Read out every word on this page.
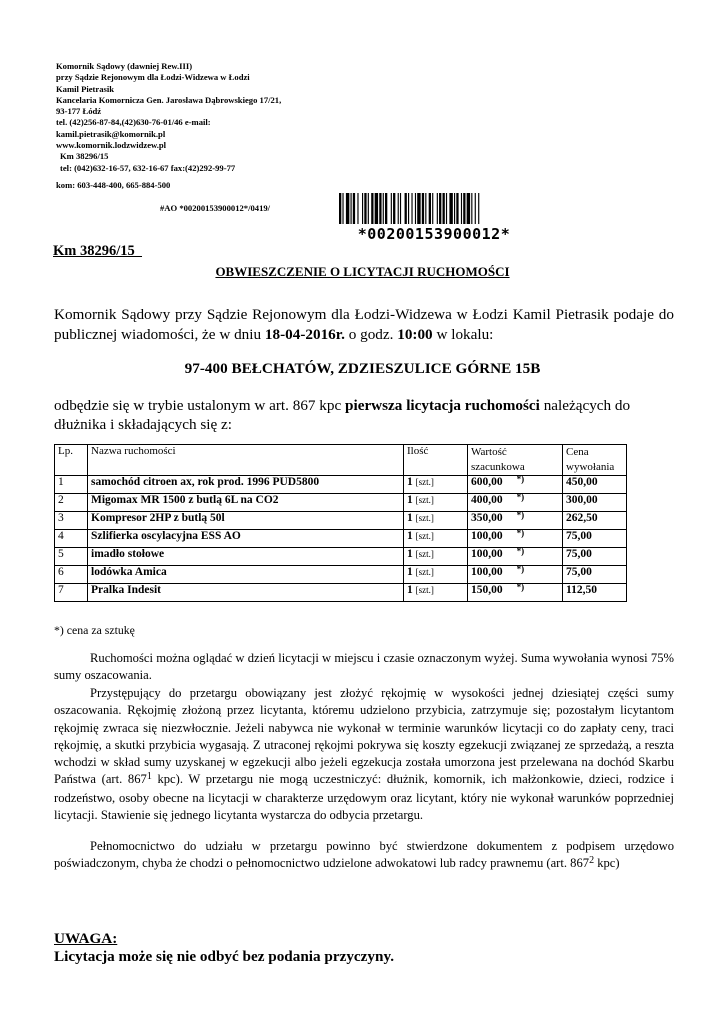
Komornik Sądowy (dawniej Rew.III)
przy Sądzie Rejonowym dla Łodzi-Widzewa w Łodzi
Kamil Pietrasik
Kancelaria Komornicza Gen. Jarosława Dąbrowskiego 17/21,
93-177 Łódź
tel. (42)256-87-84,(42)630-76-01/46 e-mail:
kamil.pietrasik@komornik.pl
www.komornik.lodzwidzew.pl
Km 38296/15
tel: (042)632-16-57, 632-16-67 fax:(42)292-99-77
kom: 603-448-400, 665-884-500
#AO *00200153900012*/0419/
*00200153900012*
Km 38296/15
OBWIESZCZENIE O LICYTACJI RUCHOMOŚCI
Komornik Sądowy przy Sądzie Rejonowym dla Łodzi-Widzewa w Łodzi Kamil Pietrasik podaje do publicznej wiadomości, że w dniu 18-04-2016r. o godz. 10:00 w lokalu:
97-400 BEŁCHATÓW, ZDZIESZULICE GÓRNE 15B
odbędzie się w trybie ustalonym w art. 867 kpc pierwsza licytacja ruchomości należących do dłużnika i składających się z:
Lp.	Nazwa ruchomości	Ilość	Wartość
szacunkowa	Cena
wywołania

1	samochód citroen ax, rok prod. 1996 PUD5800	1 [szt.]	600,00 *)	450,00
2	Migomax MR 1500 z butlą 6L na CO2	1 [szt.]	400,00 *)	300,00
3	Kompresor 2HP z butlą 50l	1 [szt.]	350,00 *)	262,50
4	Szlifierka oscylacyjna ESS AO	1 [szt.]	100,00 *)	75,00
5	imadło stołowe	1 [szt.]	100,00 *)	75,00
6	lodówka Amica	1 [szt.]	100,00 *)	75,00
7	Pralka Indesit	1 [szt.]	150,00 *)	112,50
*) cena za sztukę
Ruchomości można oglądać w dzień licytacji w miejscu i czasie oznaczonym wyżej. Suma wywołania wynosi 75% sumy oszacowania.
Przystępujący do przetargu obowiązany jest złożyć rękojmię w wysokości jednej dziesiątej części sumy oszacowania. Rękojmię złożoną przez licytanta, któremu udzielono przybicia, zatrzymuje się; pozostałym licytantom rękojmię zwraca się niezwłocznie. Jeżeli nabywca nie wykonał w terminie warunków licytacji co do zapłaty ceny, traci rękojmię, a skutki przybicia wygasają. Z utraconej rękojmi pokrywa się koszty egzekucji związanej ze sprzedażą, a reszta wchodzi w skład sumy uzyskanej w egzekucji albo jeżeli egzekucja została umorzona jest przelewana na dochód Skarbu Państwa (art. $867^1$ kpc). W przetargu nie mogą uczestniczyć: dłużnik, komornik, ich małżonkowie, dzieci, rodzice i rodzeństwo, osoby obecne na licytacji w charakterze urzędowym oraz licytant, który nie wykonał warunków poprzedniej licytacji. Stawienie się jednego licytanta wystarcza do odbycia przetargu.
Pełnomocnictwo do udziału w przetargu powinno być stwierdzone dokumentem z podpisem urzędowo poświadczonym, chyba że chodzi o pełnomocnictwo udzielone adwokatowi lub radcy prawnemu (art. $867^2$ kpc)
UWAGA:
Licytacja może się nie odbyć bez podania przyczyny.
